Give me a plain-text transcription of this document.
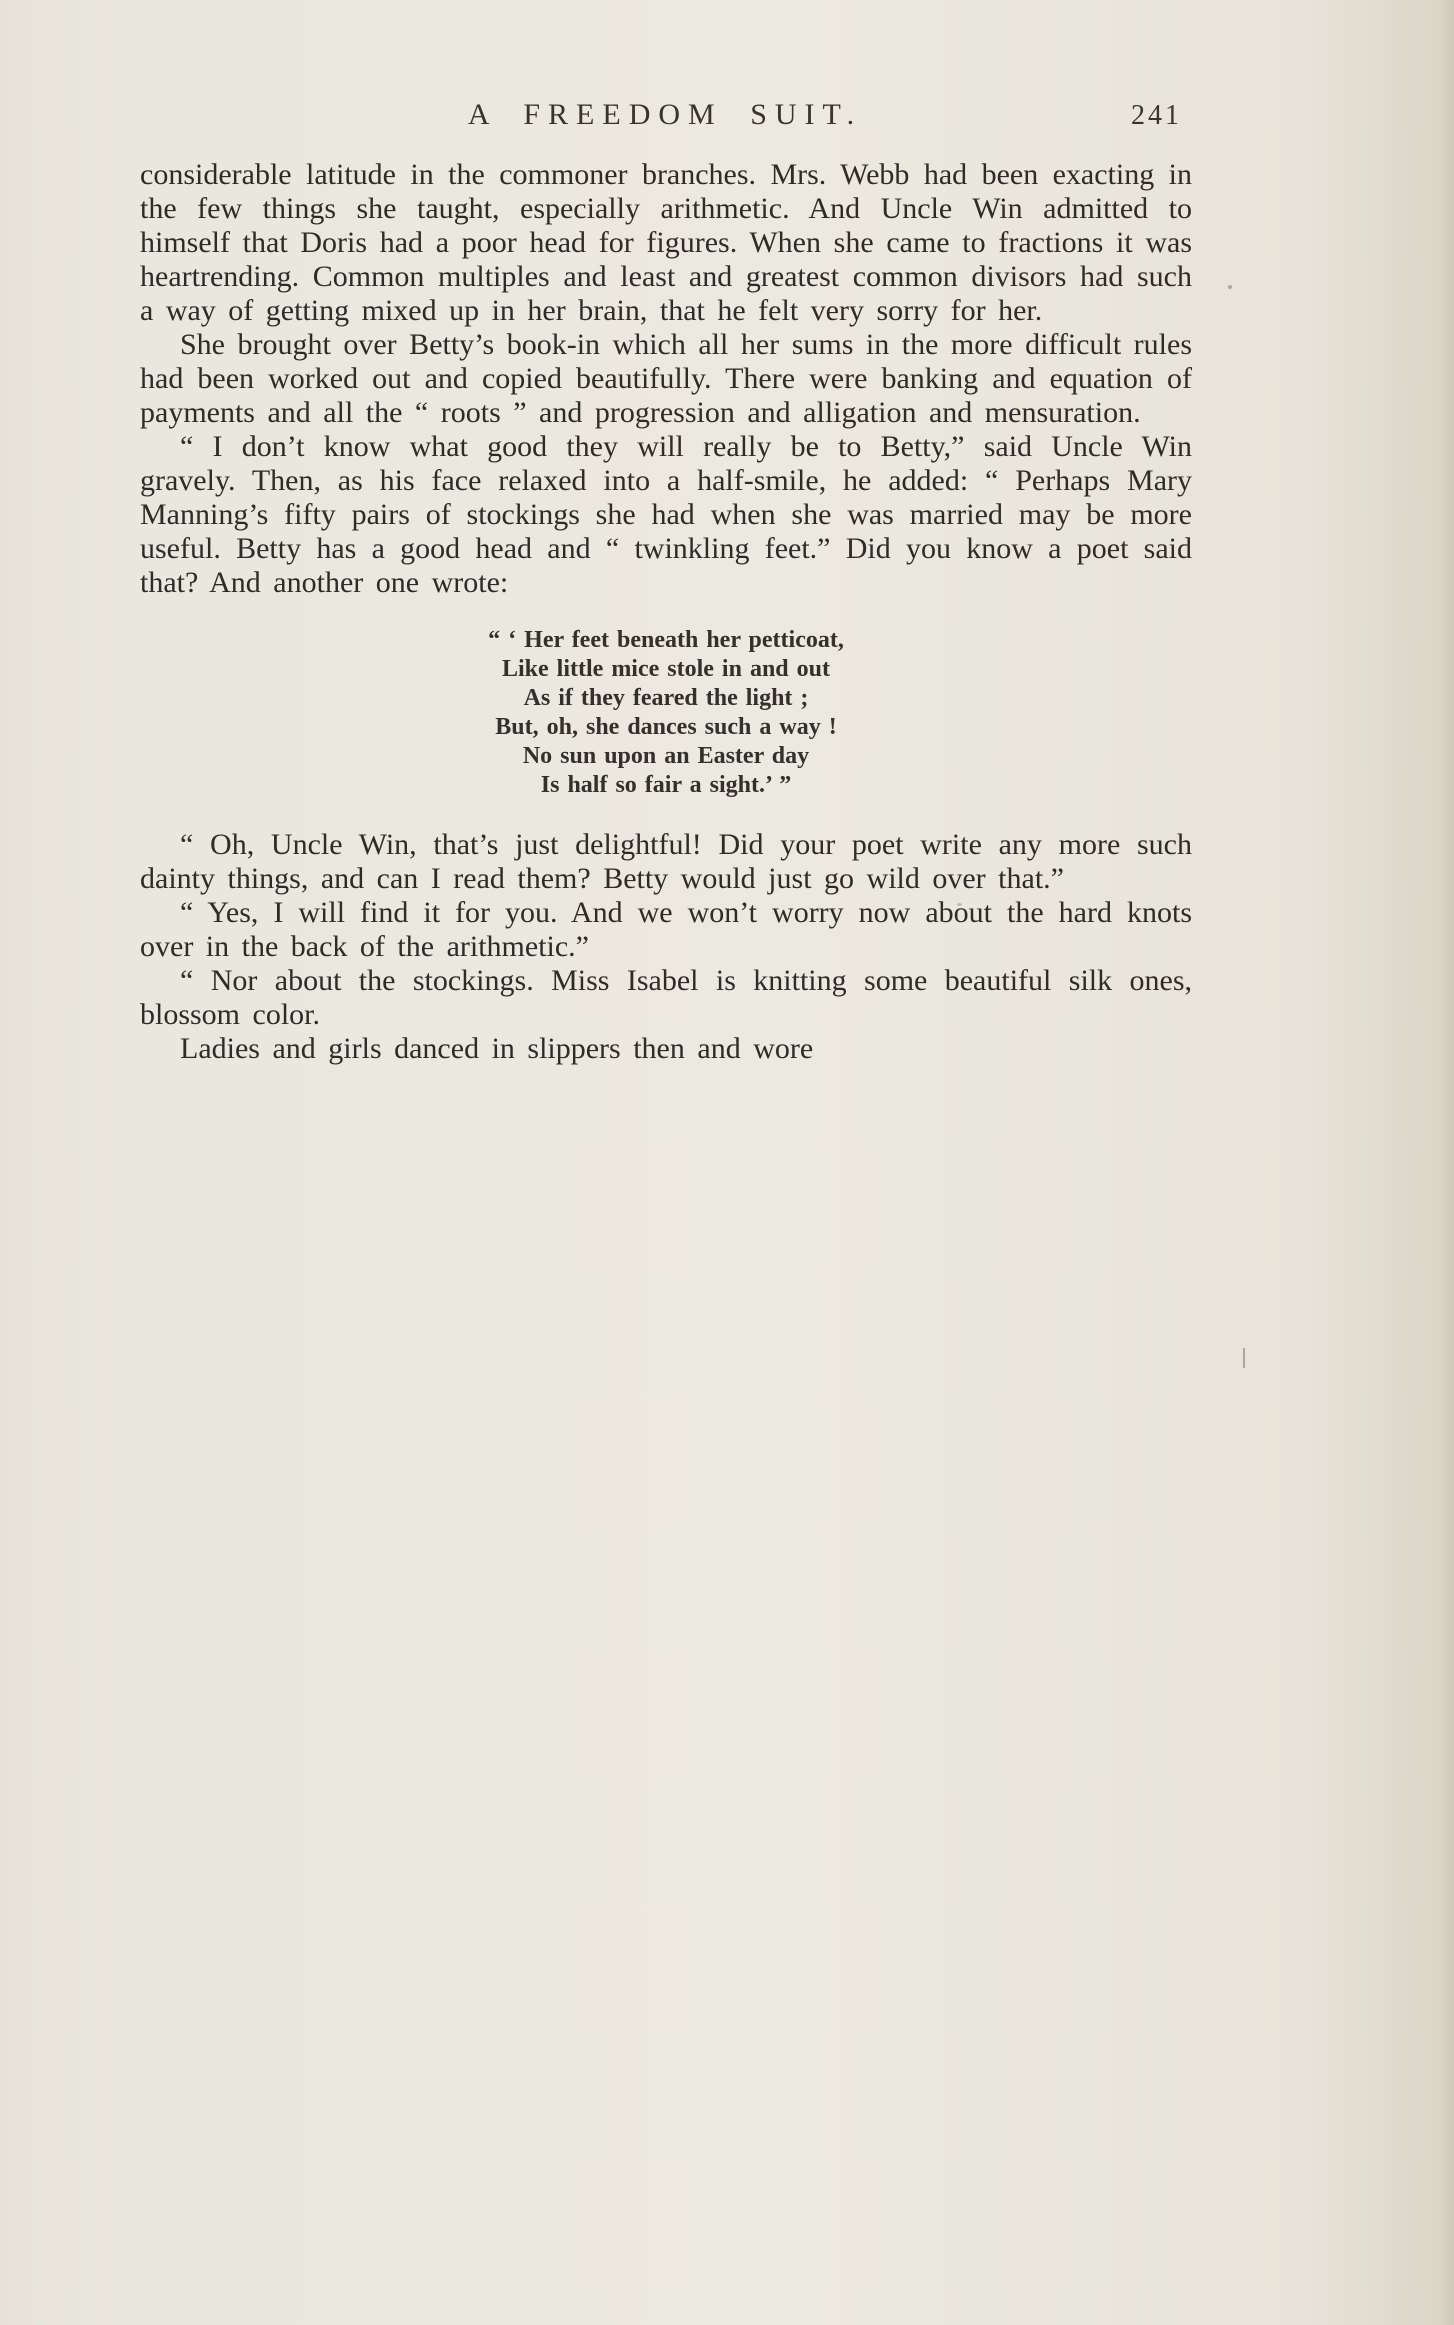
A FREEDOM SUIT.	241

considerable latitude in the commoner branches. Mrs. Webb had been exacting in the few things she taught, especially arithmetic. And Uncle Win admitted to himself that Doris had a poor head for figures. When she came to fractions it was heartrending. Common multiples and least and greatest common divisors had such a way of getting mixed up in her brain, that he felt very sorry for her.

She brought over Betty’s book-in which all her sums in the more difficult rules had been worked out and copied beautifully. There were banking and equation of payments and all the “ roots ” and progression and alligation and mensuration.

“ I don’t know what good they will really be to Betty,” said Uncle Win gravely. Then, as his face relaxed into a half-smile, he added: “ Perhaps Mary Manning’s fifty pairs of stockings she had when she was married may be more useful. Betty has a good head and “ twinkling feet.” Did you know a poet said that? And another one wrote:

“ ‘ Her feet beneath her petticoat,
Like little mice stole in and out
As if they feared the light ;
But, oh, she dances such a way !
No sun upon an Easter day
Is half so fair a sight.’ ”

“ Oh, Uncle Win, that’s just delightful! Did your poet write any more such dainty things, and can I read them? Betty would just go wild over that.”

“ Yes, I will find it for you. And we won’t worry now about the hard knots over in the back of the arithmetic.”

“ Nor about the stockings. Miss Isabel is knitting some beautiful silk ones, blossom color.

Ladies and girls danced in slippers then and wore
